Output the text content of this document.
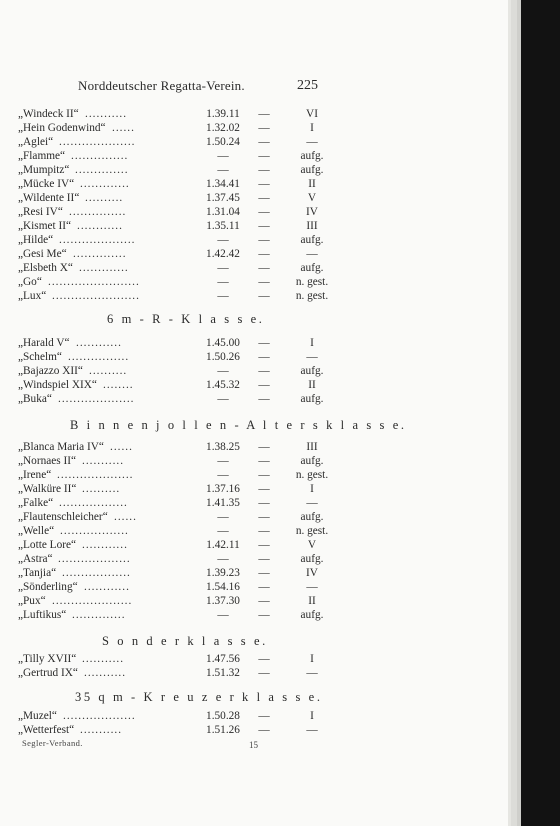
Norddeutscher Regatta-Verein.	225
Segler-Verband.	15
„Windeck II“ ...........	1.39.11	—	VI
„Hein Godenwind“ ......	1.32.02	—	I
„Aglei“ ....................	1.50.24	—	—
„Flamme“ ...............	—	—	aufg.
„Mumpitz“ ..............	—	—	aufg.
„Mücke IV“ .............	1.34.41	—	II
„Wildente II“ ..........	1.37.45	—	V
„Resi IV“ ...............	1.31.04	—	IV
„Kismet II“ ............	1.35.11	—	III
„Hilde“ ....................	—	—	aufg.
„Gesi Me“ ..............	1.42.42	—	—
„Elsbeth X“ .............	—	—	aufg.
„Go“ ........................	—	—	n. gest.
„Lux“ .......................	—	—	n. gest.
6 m - R - K l a s s e.
„Harald V“ ............	1.45.00	—	I
„Schelm“ ................	1.50.26	—	—
„Bajazzo XII“ ..........	—	—	aufg.
„Windspiel XIX“ ........	1.45.32	—	II
„Buka“ ....................	—	—	aufg.
B i n n e n j o l l e n - A l t e r s k l a s s e.
„Blanca Maria IV“ ......	1.38.25	—	III
„Nornaes II“ ...........	—	—	aufg.
„Irene“ ....................	—	—	n. gest.
„Walküre II“ ..........	1.37.16	—	I
„Falke“ ..................	1.41.35	—	—
„Flautenschleicher“ ......	—	—	aufg.
„Welle“ ..................	—	—	n. gest.
„Lotte Lore“ ............	1.42.11	—	V
„Astra“ ...................	—	—	aufg.
„Tanjia“ ..................	1.39.23	—	IV
„Sönderling“ ............	1.54.16	—	—
„Pux“ .....................	1.37.30	—	II
„Luftikus“ ..............	—	—	aufg.
S o n d e r k l a s s e.
„Tilly XVII“ ...........	1.47.56	—	I
„Gertrud IX“ ...........	1.51.32	—	—
35 q m - K r e u z e r k l a s s e.
„Muzel“ ...................	1.50.28	—	I
„Wetterfest“ ...........	1.51.26	—	—
